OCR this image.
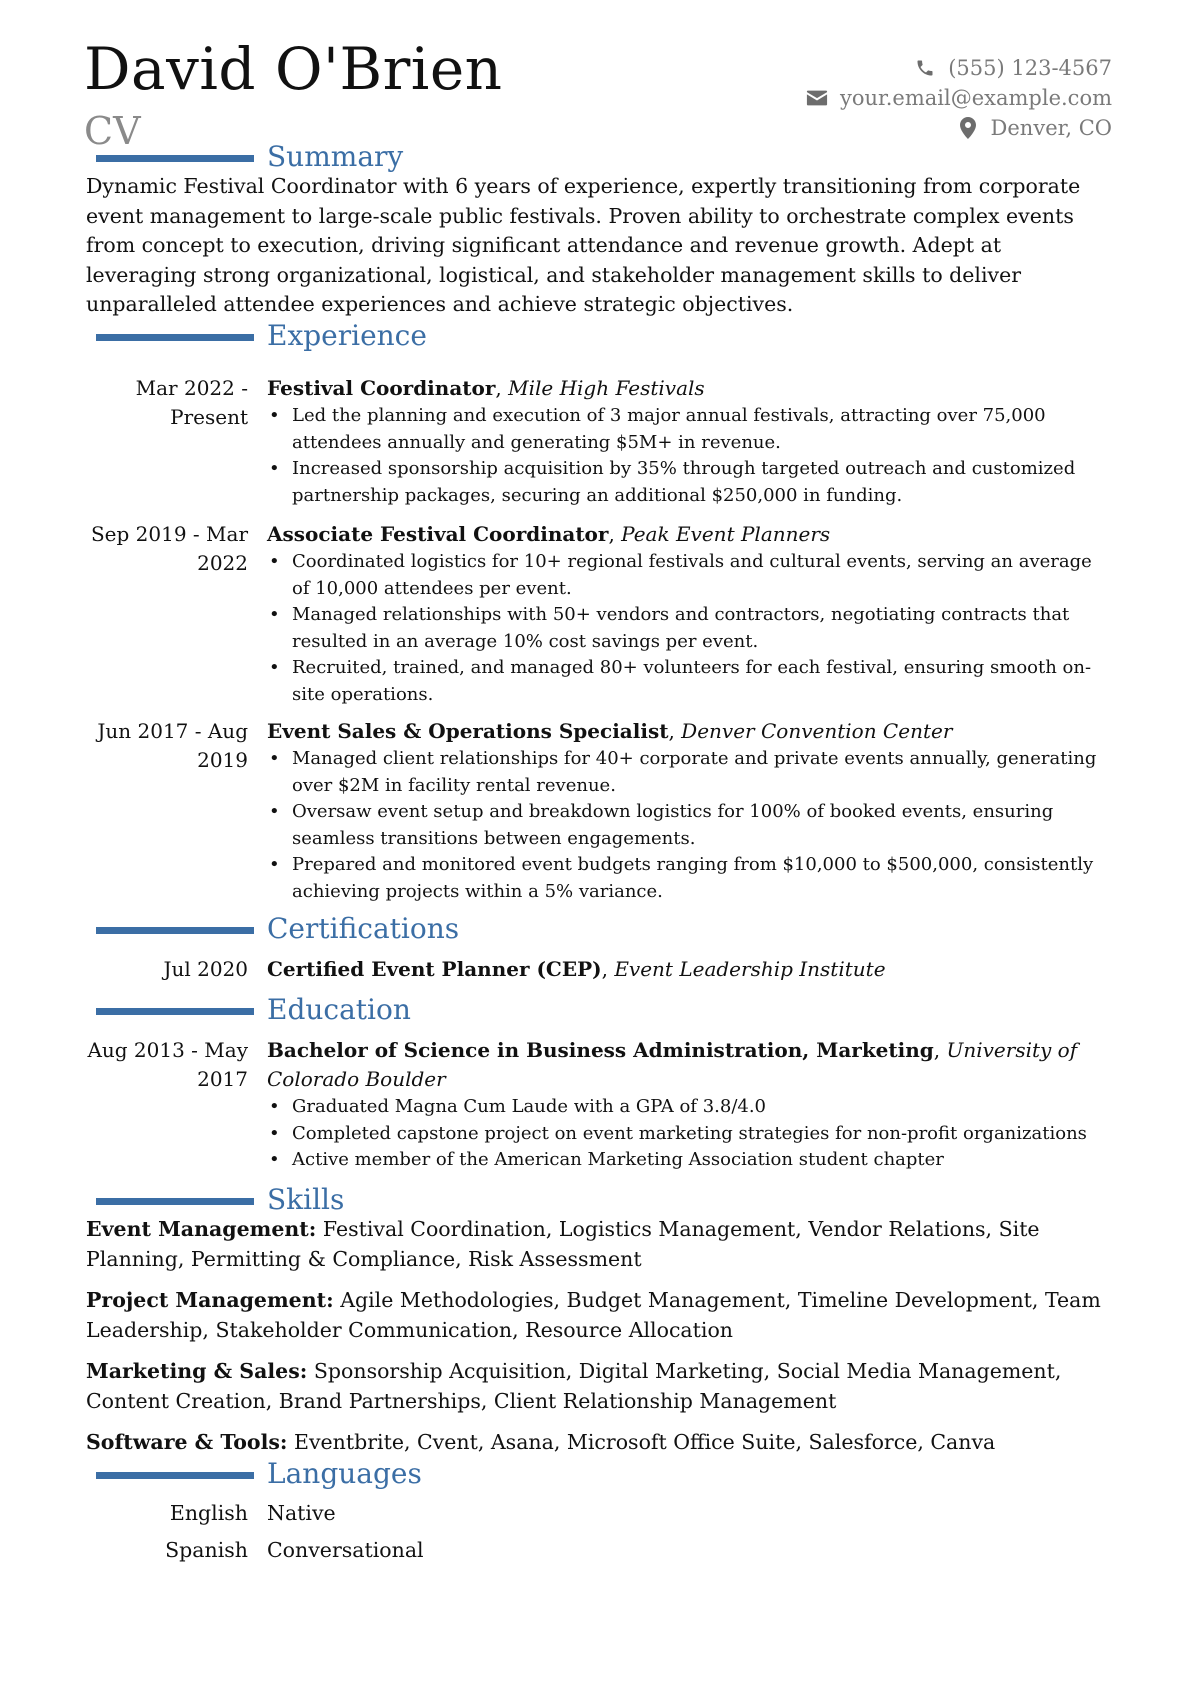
David O'Brien
CV
(555) 123-4567
your.email@example.com
Denver, CO
Summary
Dynamic Festival Coordinator with 6 years of experience, expertly transitioning from corporate event management to large-scale public festivals. Proven ability to orchestrate complex events from concept to execution, driving significant attendance and revenue growth. Adept at leveraging strong organizational, logistical, and stakeholder management skills to deliver unparalleled attendee experiences and achieve strategic objectives.
Experience
Mar 2022 - Present
Festival Coordinator, Mile High Festivals
• Led the planning and execution of 3 major annual festivals, attracting over 75,000 attendees annually and generating $5M+ in revenue.
• Increased sponsorship acquisition by 35% through targeted outreach and customized partnership packages, securing an additional $250,000 in funding.
Sep 2019 - Mar 2022
Associate Festival Coordinator, Peak Event Planners
• Coordinated logistics for 10+ regional festivals and cultural events, serving an average of 10,000 attendees per event.
• Managed relationships with 50+ vendors and contractors, negotiating contracts that resulted in an average 10% cost savings per event.
• Recruited, trained, and managed 80+ volunteers for each festival, ensuring smooth on-site operations.
Jun 2017 - Aug 2019
Event Sales & Operations Specialist, Denver Convention Center
• Managed client relationships for 40+ corporate and private events annually, generating over $2M in facility rental revenue.
• Oversaw event setup and breakdown logistics for 100% of booked events, ensuring seamless transitions between engagements.
• Prepared and monitored event budgets ranging from $10,000 to $500,000, consistently achieving projects within a 5% variance.
Certifications
Jul 2020 Certified Event Planner (CEP), Event Leadership Institute
Education
Aug 2013 - May 2017
Bachelor of Science in Business Administration, Marketing, University of Colorado Boulder
• Graduated Magna Cum Laude with a GPA of 3.8/4.0
• Completed capstone project on event marketing strategies for non-profit organizations
• Active member of the American Marketing Association student chapter
Skills
Event Management: Festival Coordination, Logistics Management, Vendor Relations, Site Planning, Permitting & Compliance, Risk Assessment
Project Management: Agile Methodologies, Budget Management, Timeline Development, Team Leadership, Stakeholder Communication, Resource Allocation
Marketing & Sales: Sponsorship Acquisition, Digital Marketing, Social Media Management, Content Creation, Brand Partnerships, Client Relationship Management
Software & Tools: Eventbrite, Cvent, Asana, Microsoft Office Suite, Salesforce, Canva
Languages
English Native
Spanish Conversational
